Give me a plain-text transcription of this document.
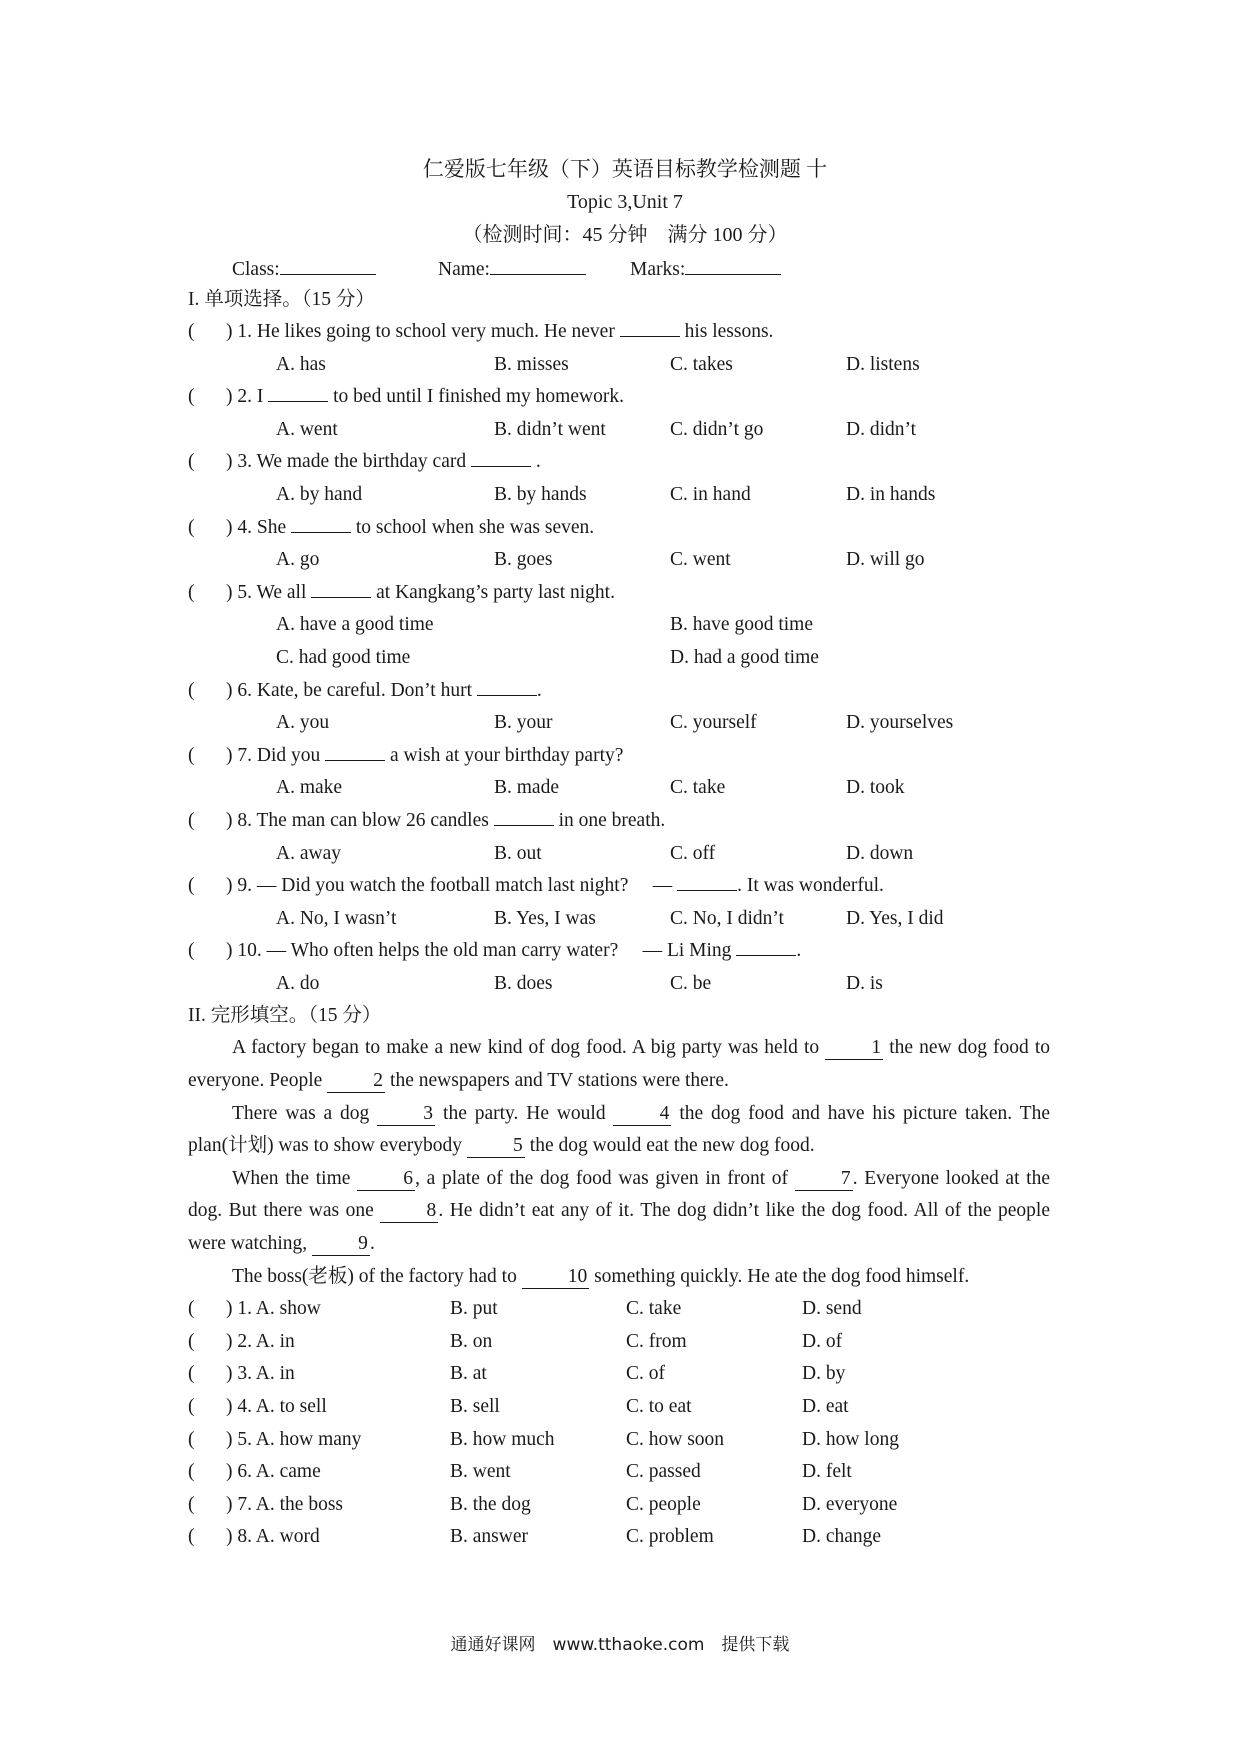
仁爱版七年级（下）英语目标教学检测题 十
Topic 3,Unit 7
（检测时间：45 分钟　满分 100 分）
Class:	Name:	Marks:
I. 单项选择。（15 分）
( ) 1. He likes going to school very much. He never	his lessons.
A. has	B. misses	C. takes	D. listens
( ) 2. I	to bed until I finished my homework.
A. went	B. didn’t went	C. didn’t go	D. didn’t
( ) 3. We made the birthday card	.
A. by hand	B. by hands	C. in hand	D. in hands
( ) 4. She	to school when she was seven.
A. go	B. goes	C. went	D. will go
( ) 5. We all	at Kangkang’s party last night.
A. have a good time	B. have good time
C. had good time	D. had a good time
( ) 6. Kate, be careful. Don’t hurt	.
A. you	B. your	C. yourself	D. yourselves
( ) 7. Did you	a wish at your birthday party?
A. make	B. made	C. take	D. took
( ) 8. The man can blow 26 candles	in one breath.
A. away	B. out	C. off	D. down
( ) 9. — Did you watch the football match last night?　 —	. It was wonderful.
A. No, I wasn’t	B. Yes, I was	C. No, I didn’t	D. Yes, I did
( ) 10. — Who often helps the old man carry water?　 — Li Ming	.
A. do	B. does	C. be	D. is
II. 完形填空。（15 分）
A factory began to make a new kind of dog food. A big party was held to 1 the new dog food to everyone. People 2 the newspapers and TV stations were there.
There was a dog 3 the party. He would 4 the dog food and have his picture taken. The plan(计划) was to show everybody 5 the dog would eat the new dog food.
When the time 6 , a plate of the dog food was given in front of 7 . Everyone looked at the dog. But there was one 8 . He didn’t eat any of it. The dog didn’t like the dog food. All of the people were watching, 9 .
The boss(老板) of the factory had to 10 something quickly. He ate the dog food himself.
( ) 1. A. show	B. put	C. take	D. send
( ) 2. A. in	B. on	C. from	D. of
( ) 3. A. in	B. at	C. of	D. by
( ) 4. A. to sell	B. sell	C. to eat	D. eat
( ) 5. A. how many	B. how much	C. how soon	D. how long
( ) 6. A. came	B. went	C. passed	D. felt
( ) 7. A. the boss	B. the dog	C. people	D. everyone
( ) 8. A. word	B. answer	C. problem	D. change
通通好课网　www.tthaoke.com　提供下载
